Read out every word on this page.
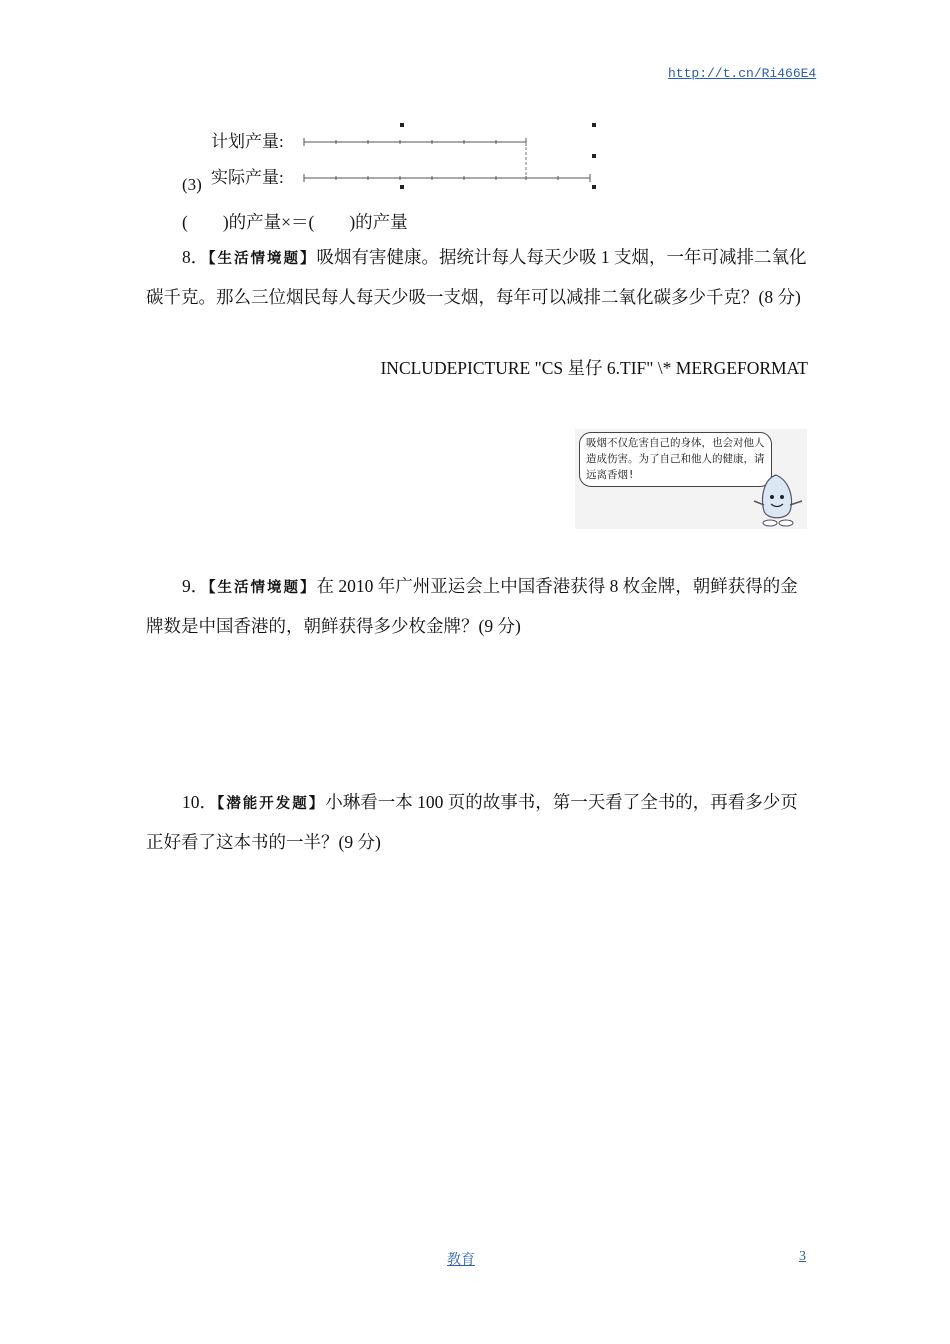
http://t.cn/Ri466E4
计划产量:
实际产量:
(3)
(　　)的产量×＝(　　)的产量
8．【生活情境题】吸烟有害健康。据统计每人每天少吸 1 支烟，一年可减排二氧化碳千克。那么三位烟民每人每天少吸一支烟，每年可以减排二氧化碳多少千克？(8 分)
INCLUDEPICTURE "CS 星仔 6.TIF" \* MERGEFORMAT
吸烟不仅危害自己的身体，也会对他人造成伤害。为了自己和他人的健康，请远离香烟!
9．【生活情境题】在 2010 年广州亚运会上中国香港获得 8 枚金牌，朝鲜获得的金牌数是中国香港的，朝鲜获得多少枚金牌？(9 分)
10．【潜能开发题】小琳看一本 100 页的故事书，第一天看了全书的，再看多少页正好看了这本书的一半？(9 分)
教育	3
